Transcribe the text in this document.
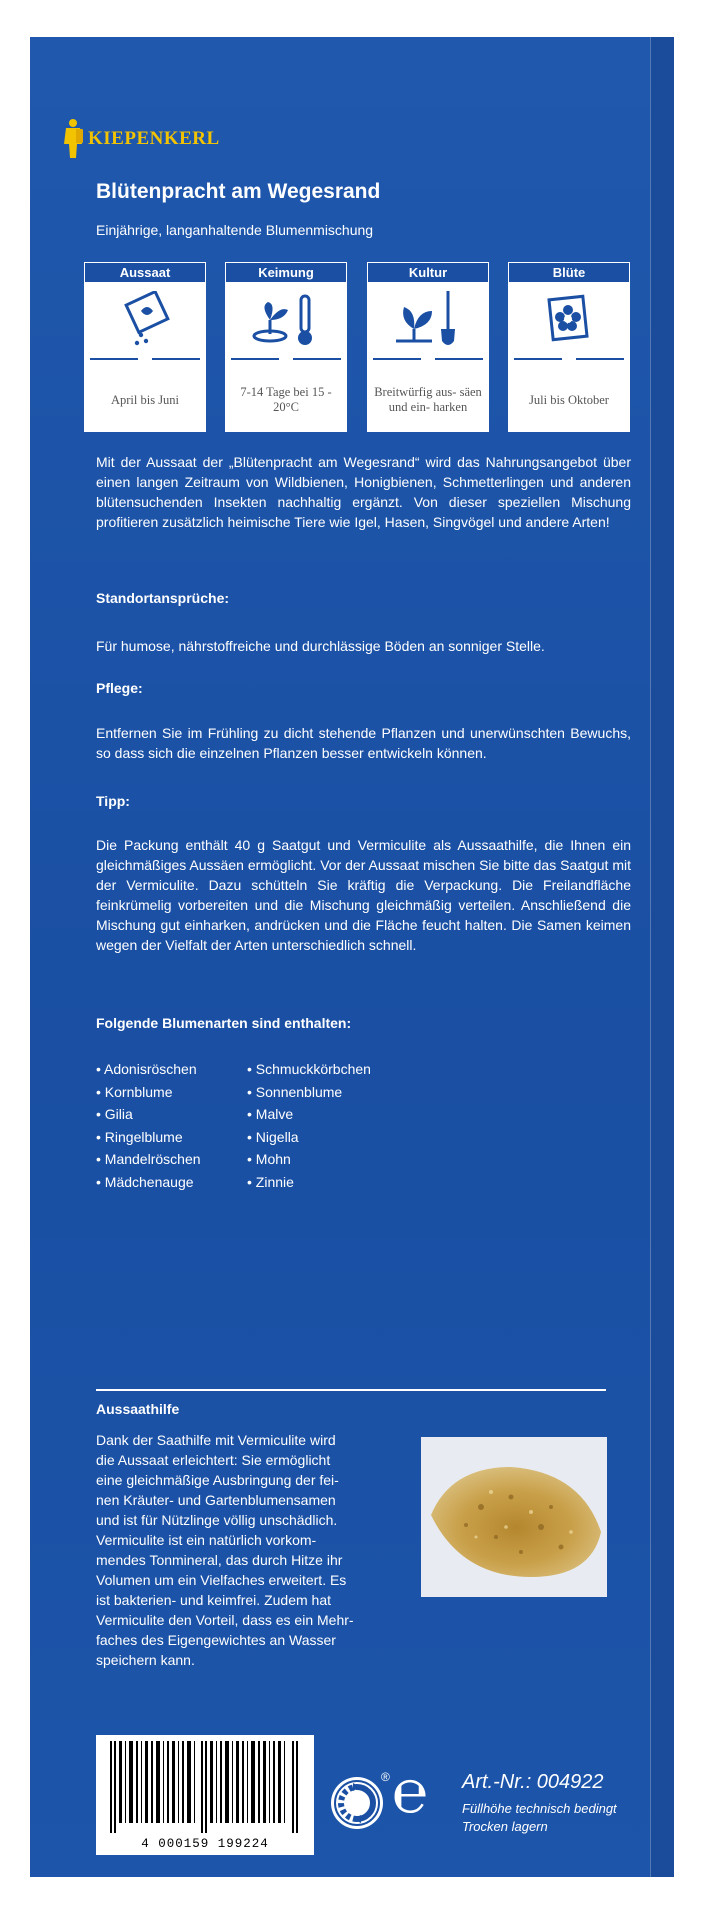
KIEPENKERL
Blütenpracht am Wegesrand
Einjährige, langanhaltende Blumenmischung
Aussaat
April bis Juni
Keimung
7-14 Tage bei 15 - 20°C
Kultur
Breitwürfig aus- säen und ein- harken
Blüte
Juli bis Oktober
Mit der Aussaat der „Blütenpracht am Wegesrand“ wird das Nahrungsangebot über einen langen Zeitraum von Wildbienen, Honigbienen, Schmetterlingen und anderen blütensuchenden Insekten nachhaltig ergänzt. Von dieser speziellen Mischung profitieren zusätzlich heimische Tiere wie Igel, Hasen, Singvögel und andere Arten!
Standortansprüche:
Für humose, nährstoffreiche und durchlässige Böden an sonniger Stelle.
Pflege:
Entfernen Sie im Frühling zu dicht stehende Pflanzen und unerwünschten Bewuchs, so dass sich die einzelnen Pflanzen besser entwickeln können.
Tipp:
Die Packung enthält 40 g Saatgut und Vermiculite als Aussaathilfe, die Ihnen ein gleichmäßiges Aussäen ermöglicht. Vor der Aussaat mischen Sie bitte das Saatgut mit der Vermiculite. Dazu schütteln Sie kräftig die Verpackung. Die Freilandfläche feinkrümelig vorbereiten und die Mischung gleichmäßig verteilen. Anschließend die Mischung gut einharken, andrücken und die Fläche feucht halten. Die Samen keimen wegen der Vielfalt der Arten unterschiedlich schnell.
Folgende Blumenarten sind enthalten:
• Adonisröschen
• Kornblume
• Gilia
• Ringelblume
• Mandelröschen
• Mädchenauge
• Schmuckkörbchen
• Sonnenblume
• Malve
• Nigella
• Mohn
• Zinnie
Aussaathilfe
Dank der Saathilfe mit Vermiculite wird
die Aussaat erleichtert: Sie ermöglicht
eine gleichmäßige Ausbringung der fei-
nen Kräuter- und Gartenblumensamen
und ist für Nützlinge völlig unschädlich.
Vermiculite ist ein natürlich vorkom-
mendes Tonmineral, das durch Hitze ihr
Volumen um ein Vielfaches erweitert. Es
ist bakterien- und keimfrei. Zudem hat
Vermiculite den Vorteil, dass es ein Mehr-
faches des Eigengewichtes an Wasser
speichern kann.
4 000159 199224
® ℮ Art.-Nr.: 004922
Füllhöhe technisch bedingt
Trocken lagern
